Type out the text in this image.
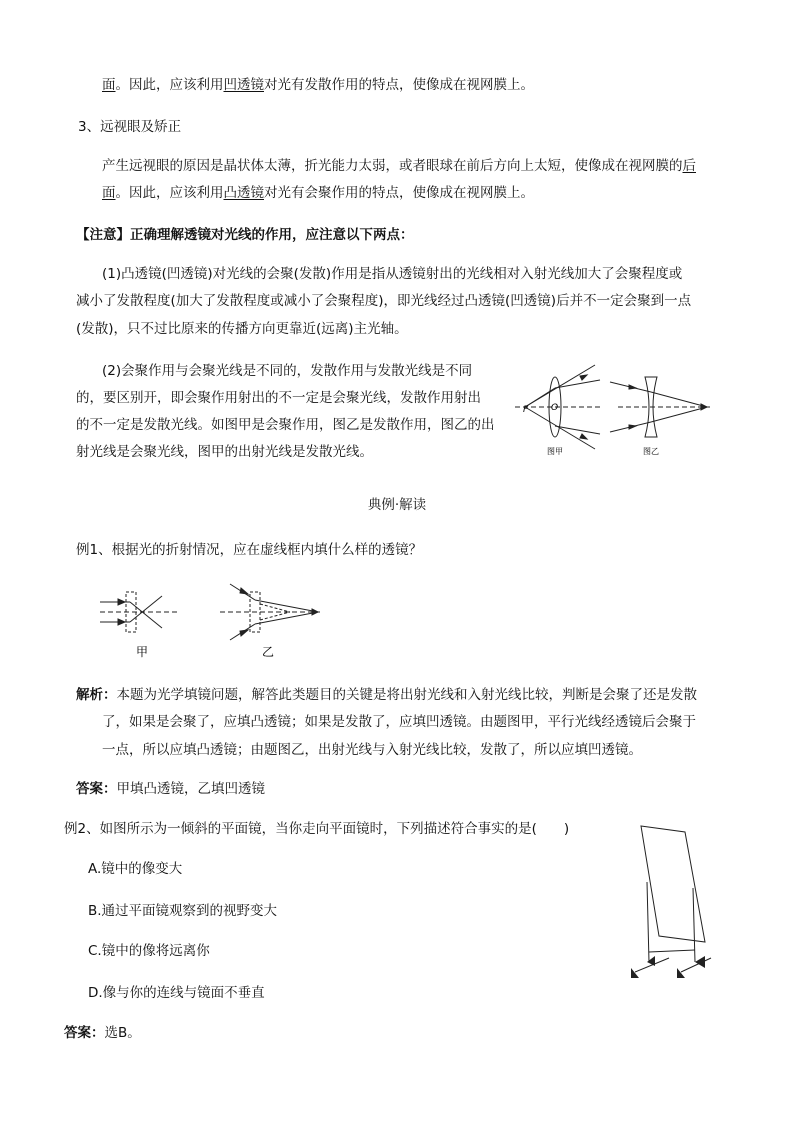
面。因此，应该利用凹透镜对光有发散作用的特点，使像成在视网膜上。
3、远视眼及矫正
产生远视眼的原因是晶状体太薄，折光能力太弱，或者眼球在前后方向上太短，使像成在视网膜的后
面。因此，应该利用凸透镜对光有会聚作用的特点，使像成在视网膜上。
【注意】正确理解透镜对光线的作用，应注意以下两点：
(1)凸透镜(凹透镜)对光线的会聚(发散)作用是指从透镜射出的光线相对入射光线加大了会聚程度或
减小了发散程度(加大了发散程度或减小了会聚程度)，即光线经过凸透镜(凹透镜)后并不一定会聚到一点
(发散)，只不过比原来的传播方向更靠近(远离)主光轴。
(2)会聚作用与会聚光线是不同的，发散作用与发散光线是不同
的，要区别开，即会聚作用射出的不一定是会聚光线，发散作用射出
的不一定是发散光线。如图甲是会聚作用，图乙是发散作用，图乙的出
射光线是会聚光线，图甲的出射光线是发散光线。
F	O
图甲	图乙
典例·解读
例1、根据光的折射情况，应在虚线框内填什么样的透镜？
甲	乙
解析：本题为光学填镜问题，解答此类题目的关键是将出射光线和入射光线比较，判断是会聚了还是发散
了，如果是会聚了，应填凸透镜；如果是发散了，应填凹透镜。由题图甲，平行光线经透镜后会聚于
一点，所以应填凸透镜；由题图乙，出射光线与入射光线比较，发散了，所以应填凹透镜。
答案：甲填凸透镜，乙填凹透镜
例2、如图所示为一倾斜的平面镜，当你走向平面镜时，下列描述符合事实的是(　　)
A.镜中的像变大
B.通过平面镜观察到的视野变大
C.镜中的像将远离你
D.像与你的连线与镜面不垂直
答案：选B。
